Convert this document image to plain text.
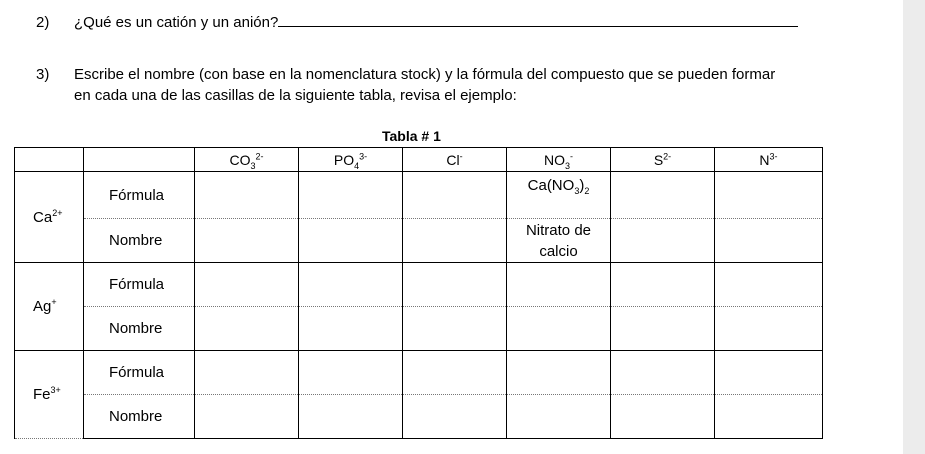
2) ¿Qué es un catión y un anión?
3) Escribe el nombre (con base en la nomenclatura stock) y la fórmula del compuesto que se pueden formar
en cada una de las casillas de la siguiente tabla, revisa el ejemplo:
Tabla # 1
		$CO_3^{2-}$	$PO_4^{3-}$	Cl-	$NO_3^-$	$S^{2-}$	$N^{3-}$
$Ca^{2+}$	Fórmula				$Ca(NO_3)_2$		
	Nombre				Nitrato de
calcio		
Ag+	Fórmula						
	Nombre						
$Fe^{3+}$	Fórmula						
	Nombre						
